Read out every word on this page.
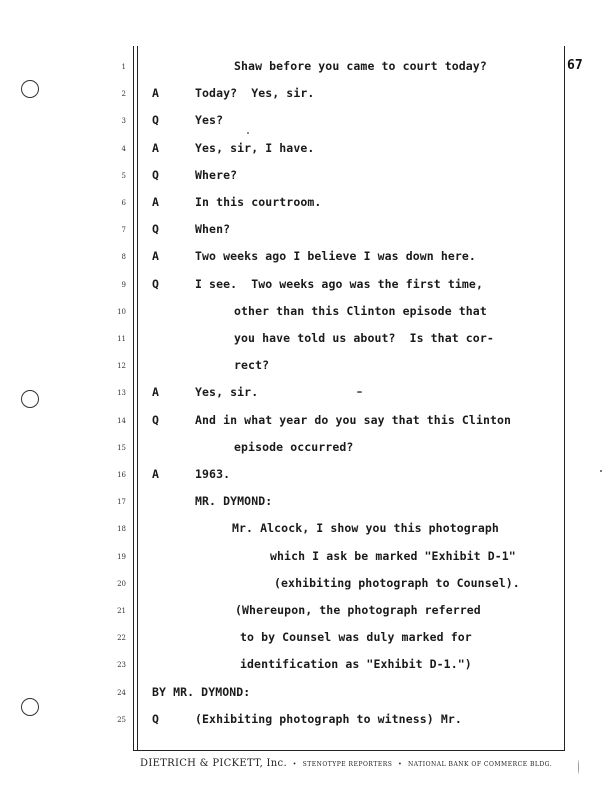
67
1	Shaw before you came to court today?
2 A	Today?  Yes, sir.
3 Q	Yes?
4 A	Yes, sir, I have.
5 Q	Where?
6 A	In this courtroom.
7 Q	When?
8 A	Two weeks ago I believe I was down here.
9 Q	I see.  Two weeks ago was the first time,
10	other than this Clinton episode that
11	you have told us about?  Is that cor-
12	rect?
13 A	Yes, sir.
14 Q	And in what year do you say that this Clinton
15	episode occurred?
16 A	1963.
17	MR. DYMOND:
18	Mr. Alcock, I show you this photograph
19	which I ask be marked "Exhibit D-1"
20	(exhibiting photograph to Counsel).
21	(Whereupon, the photograph referred
22	to by Counsel was duly marked for
23	identification as "Exhibit D-1.")
24 BY MR. DYMOND:
25 Q	(Exhibiting photograph to witness) Mr.
DIETRICH & PICKETT, Inc. • STENOTYPE REPORTERS • NATIONAL BANK OF COMMERCE BLDG.
